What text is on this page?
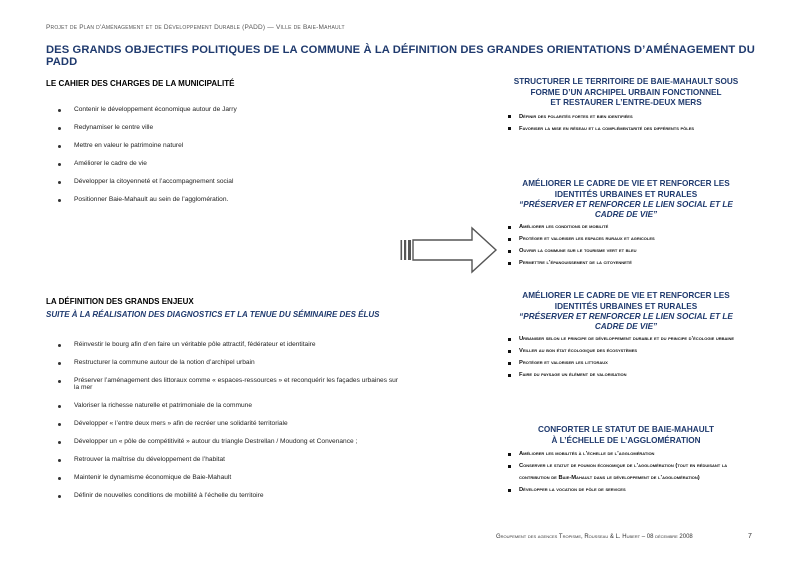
Projet de Plan d'Aménagement et de Développement Durable (PADD) — Ville de Baie-Mahault
DES GRANDS OBJECTIFS POLITIQUES DE LA COMMUNE À LA DÉFINITION DES GRANDES ORIENTATIONS D’AMÉNAGEMENT DU PADD
LE CAHIER DES CHARGES DE LA MUNICIPALITÉ
Contenir le développement économique autour de Jarry
Redynamiser le centre ville
Mettre en valeur le patrimoine naturel
Améliorer le cadre de vie
Développer la citoyenneté et l’accompagnement social
Positionner Baie-Mahault au sein de l’agglomération.
LA DÉFINITION DES GRANDS ENJEUX
SUITE À LA RÉALISATION DES DIAGNOSTICS ET LA TENUE DU SÉMINAIRE DES ÉLUS
Réinvestir le bourg afin d’en faire un véritable pôle attractif, fédérateur et identitaire
Restructurer la commune autour de la notion d’archipel urbain
Préserver l’aménagement des littoraux comme « espaces-ressources » et reconquérir les façades urbaines sur la mer
Valoriser la richesse naturelle et patrimoniale de la commune
Développer « l’entre deux mers » afin de recréer une solidarité territoriale
Développer un « pôle de compétitivité » autour du triangle Destrellan / Moudong et Convenance ;
Retrouver la maîtrise du développement de l’habitat
Maintenir le dynamisme économique de Baie-Mahault
Définir de nouvelles conditions de mobilité à l’échelle du territoire
STRUCTURER LE TERRITOIRE DE BAIE-MAHAULT SOUS
FORME D’UN ARCHIPEL URBAIN FONCTIONNEL
ET RESTAURER L’ENTRE-DEUX MERS
Définir des polarités fortes et bien identifiées
Favoriser la mise en réseau et la complémentarité des différents pôles
AMÉLIORER LE CADRE DE VIE ET RENFORCER LES
IDENTITÉS URBAINES ET RURALES
“PRÉSERVER ET RENFORCER LE LIEN SOCIAL ET LE CADRE DE VIE”
Améliorer les conditions de mobilité
Protéger et valoriser les espaces ruraux et agricoles
Ouvrir la commune sur le tourisme vert et bleu
Permettre l’épanouissement de la citoyenneté
AMÉLIORER LE CADRE DE VIE ET RENFORCER LES
IDENTITÉS URBAINES ET RURALES
“PRÉSERVER ET RENFORCER LE LIEN SOCIAL ET LE CADRE DE VIE”
Urbaniser selon le principe de développement durable et du principe d’écologie urbaine
Veiller au bon état écologique des écosystèmes
Protéger et valoriser les littoraux
Faire du paysage un élément de valorisation
CONFORTER LE STATUT DE BAIE-MAHAULT
À L’ÉCHELLE DE L’AGGLOMÉRATION
Améliorer les mobilités à l’échelle de l’agglomération
Conserver le statut de poumon économique de l’agglomération (tout en réduisant la contribution de Baie-Mahault dans le développement de l’agglomération)
Développer la vocation de pôle de services
Groupement des agences Tropisme, Rousseau & L. Hubert – 08 décembre 2008	7
